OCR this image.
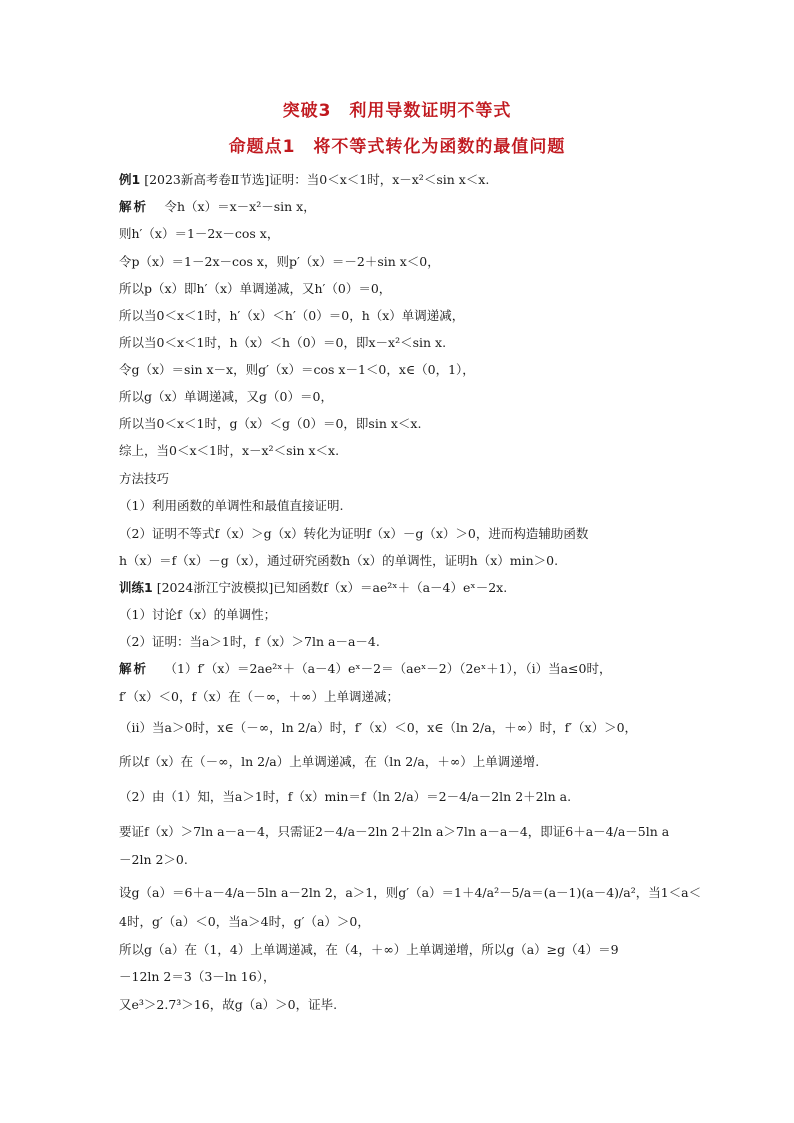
突破3　利用导数证明不等式
命题点1　将不等式转化为函数的最值问题
例1 [2023新高考卷Ⅱ节选]证明：当0＜x＜1时，x－x²＜sin x＜x.
解析　 令h（x）＝x－x²－sin x，
则h′（x）＝1－2x－cos x，
令p（x）＝1－2x－cos x，则p′（x）＝－2＋sin x＜0，
所以p（x）即h′（x）单调递减，又h′（0）＝0，
所以当0＜x＜1时，h′（x）＜h′（0）＝0，h（x）单调递减，
所以当0＜x＜1时，h（x）＜h（0）＝0，即x－x²＜sin x.
令g（x）＝sin x－x，则g′（x）＝cos x－1＜0，x∈（0，1），
所以g（x）单调递减，又g（0）＝0，
所以当0＜x＜1时，g（x）＜g（0）＝0，即sin x＜x.
综上，当0＜x＜1时，x－x²＜sin x＜x.
方法技巧
（1）利用函数的单调性和最值直接证明.
（2）证明不等式f（x）＞g（x）转化为证明f（x）－g（x）＞0，进而构造辅助函数
h（x）＝f（x）－g（x），通过研究函数h（x）的单调性，证明h（x）min＞0.
训练1 [2024浙江宁波模拟]已知函数f（x）＝ae²ˣ＋（a－4）eˣ－2x.
（1）讨论f（x）的单调性；
（2）证明：当a＞1时，f（x）＞7ln a－a－4.
解析　 （1）f′（x）＝2ae²ˣ＋（a－4）eˣ－2＝（aeˣ－2）（2eˣ＋1），（i）当a≤0时，
f′（x）＜0，f（x）在（－∞，＋∞）上单调递减；
（ii）当a＞0时，x∈（－∞，ln 2/a）时，f′（x）＜0，x∈（ln 2/a，＋∞）时，f′（x）＞0，
所以f（x）在（－∞，ln 2/a）上单调递减，在（ln 2/a，＋∞）上单调递增.
（2）由（1）知，当a＞1时，f（x）min＝f（ln 2/a）＝2－4/a－2ln 2＋2ln a.
要证f（x）＞7ln a－a－4，只需证2－4/a－2ln 2＋2ln a＞7ln a－a－4，即证6＋a－4/a－5ln a
－2ln 2＞0.
设g（a）＝6＋a－4/a－5ln a－2ln 2，a＞1，则g′（a）＝1＋4/a²－5/a＝(a－1)(a－4)/a²，当1＜a＜
4时，g′（a）＜0，当a＞4时，g′（a）＞0，
所以g（a）在（1，4）上单调递减，在（4，＋∞）上单调递增，所以g（a）≥g（4）＝9
－12ln 2＝3（3－ln 16），
又e³＞2.7³＞16，故g（a）＞0，证毕.
